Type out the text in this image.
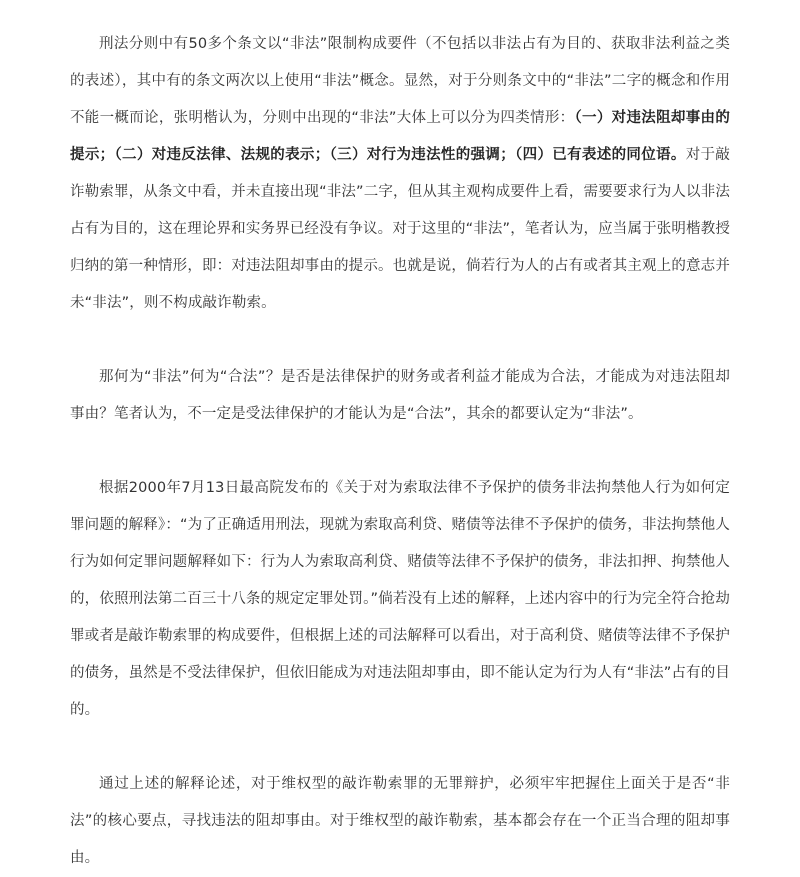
刑法分则中有50多个条文以“非法”限制构成要件（不包括以非法占有为目的、获取非法利益之类的表述），其中有的条文两次以上使用“非法”概念。显然，对于分则条文中的“非法”二字的概念和作用不能一概而论，张明楷认为，分则中出现的“非法”大体上可以分为四类情形：（一）对违法阻却事由的提示；（二）对违反法律、法规的表示；（三）对行为违法性的强调；（四）已有表述的同位语。对于敲诈勒索罪，从条文中看，并未直接出现“非法”二字，但从其主观构成要件上看，需要要求行为人以非法占有为目的，这在理论界和实务界已经没有争议。对于这里的“非法”，笔者认为，应当属于张明楷教授归纳的第一种情形，即：对违法阻却事由的提示。也就是说，倘若行为人的占有或者其主观上的意志并未“非法”，则不构成敲诈勒索。

那何为“非法”何为“合法”？是否是法律保护的财务或者利益才能成为合法，才能成为对违法阻却事由？笔者认为，不一定是受法律保护的才能认为是“合法”，其余的都要认定为“非法”。

根据2000年7月13日最高院发布的《关于对为索取法律不予保护的债务非法拘禁他人行为如何定罪问题的解释》：“为了正确适用刑法，现就为索取高利贷、赌债等法律不予保护的债务，非法拘禁他人行为如何定罪问题解释如下：行为人为索取高利贷、赌债等法律不予保护的债务，非法扣押、拘禁他人的，依照刑法第二百三十八条的规定定罪处罚。”倘若没有上述的解释，上述内容中的行为完全符合抢劫罪或者是敲诈勒索罪的构成要件，但根据上述的司法解释可以看出，对于高利贷、赌债等法律不予保护的债务，虽然是不受法律保护，但依旧能成为对违法阻却事由，即不能认定为行为人有“非法”占有的目的。

通过上述的解释论述，对于维权型的敲诈勒索罪的无罪辩护，必须牢牢把握住上面关于是否“非法”的核心要点，寻找违法的阻却事由。对于维权型的敲诈勒索，基本都会存在一个正当合理的阻却事由。
